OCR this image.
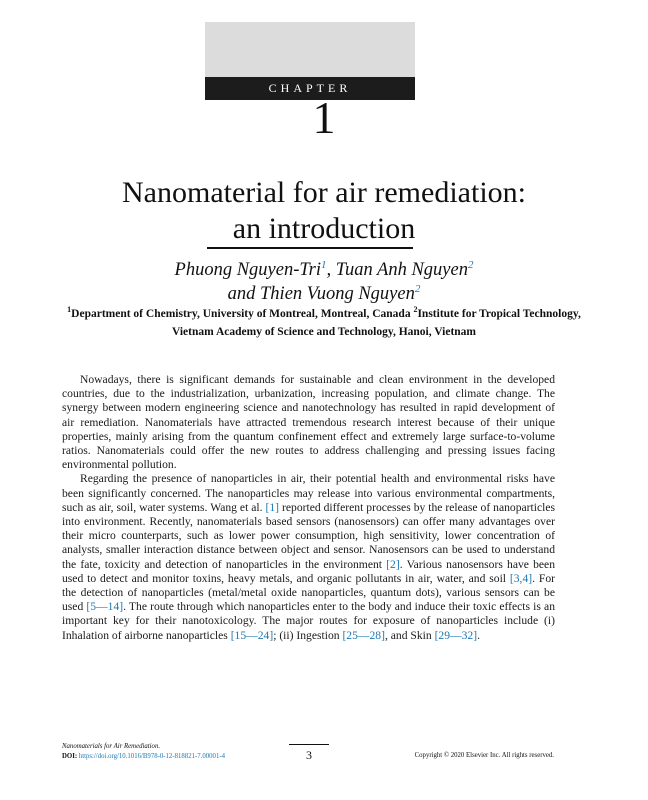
CHAPTER
1
Nanomaterial for air remediation:
an introduction
Phuong Nguyen-Tri$^1$, Tuan Anh Nguyen$^2$
and Thien Vuong Nguyen$^2$
$^1$Department of Chemistry, University of Montreal, Montreal, Canada $^2$Institute for Tropical Technology, Vietnam Academy of Science and Technology, Hanoi, Vietnam

Nowadays, there is significant demands for sustainable and clean environment in the developed countries, due to the industrialization, urbanization, increasing population, and climate change. The synergy between modern engineering science and nanotechnology has resulted in rapid development of air remediation. Nanomaterials have attracted tremendous research interest because of their unique properties, mainly arising from the quantum confinement effect and extremely large surface-to-volume ratios. Nanomaterials could offer the new routes to address challenging and pressing issues facing environmental pollution.

Regarding the presence of nanoparticles in air, their potential health and environmental risks have been significantly concerned. The nanoparticles may release into various environmental compartments, such as air, soil, water systems. Wang et al. [1] reported different processes by the release of nanoparticles into environment. Recently, nanomaterials based sensors (nanosensors) can offer many advantages over their micro counterparts, such as lower power consumption, high sensitivity, lower concentration of analysts, smaller interaction distance between object and sensor. Nanosensors can be used to understand the fate, toxicity and detection of nanoparticles in the environment [2]. Various nanosensors have been used to detect and monitor toxins, heavy metals, and organic pollutants in air, water, and soil [3,4]. For the detection of nanoparticles (metal/metal oxide nanoparticles, quantum dots), various sensors can be used [5—14]. The route through which nanoparticles enter to the body and induce their toxic effects is an important key for their nanotoxicology. The major routes for exposure of nanoparticles include (i) Inhalation of airborne nanoparticles [15—24]; (ii) Ingestion [25—28], and Skin [29—32].

Nanomaterials for Air Remediation.
DOI: https://doi.org/10.1016/B978-0-12-818821-7.00001-4	3	Copyright © 2020 Elsevier Inc. All rights reserved.
